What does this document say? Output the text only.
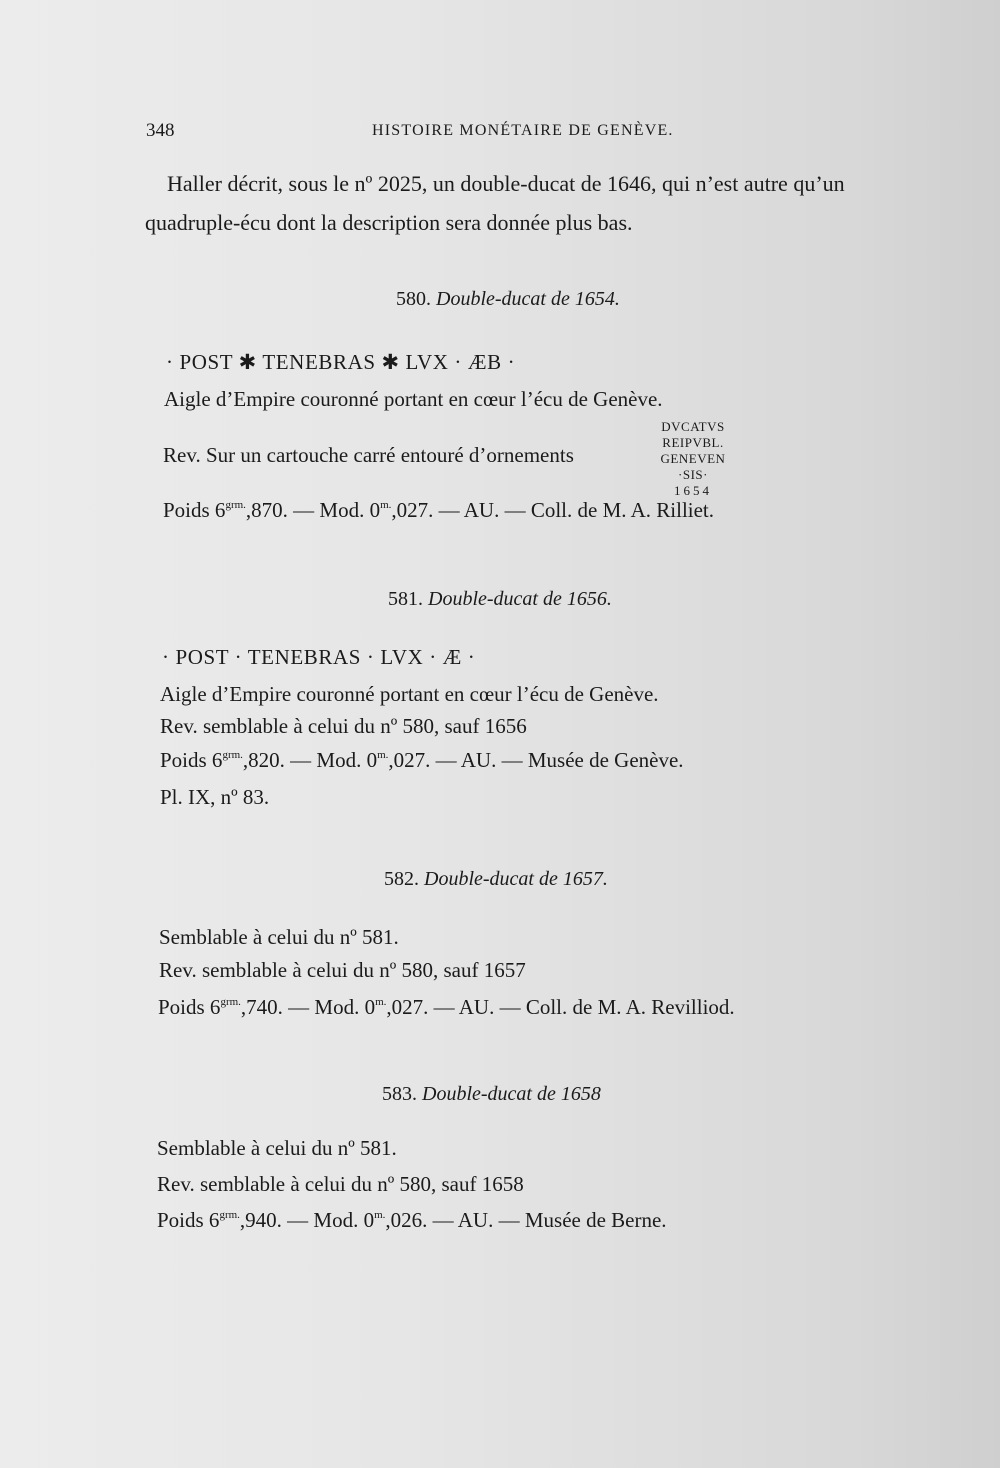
348	HISTOIRE MONÉTAIRE DE GENÈVE.

Haller décrit, sous le nº 2025, un double-ducat de 1646, qui n’est autre qu’un quadruple-écu dont la description sera donnée plus bas.

580. Double-ducat de 1654.
· POST ✱ TENEBRAS ✱ LVX · ÆB ·
Aigle d’Empire couronné portant en cœur l’écu de Genève.
Rev. Sur un cartouche carré entouré d’ornements
DVCATVS
REIPVBL.
GENEVEN
·SIS·
1654
Poids $6^{grm.},870$. — Mod. $0^{m.},027$. — AU. — Coll. de M. A. Rilliet.
581. Double-ducat de 1656.
· POST · TENEBRAS · LVX · Æ ·
Aigle d’Empire couronné portant en cœur l’écu de Genève.
Rev. semblable à celui du nº 580, sauf 1656
Poids $6^{grm.},820$. — Mod. $0^{m.},027$. — AU. — Musée de Genève.
Pl. IX, nº 83.
582. Double-ducat de 1657.
Semblable à celui du nº 581.
Rev. semblable à celui du nº 580, sauf 1657
Poids $6^{grm.},740$. — Mod. $0^{m.},027$. — AU. — Coll. de M. A. Revilliod.
583. Double-ducat de 1658
Semblable à celui du nº 581.
Rev. semblable à celui du nº 580, sauf 1658
Poids $6^{grm.},940$. — Mod. $0^{m.},026$. — AU. — Musée de Berne.
